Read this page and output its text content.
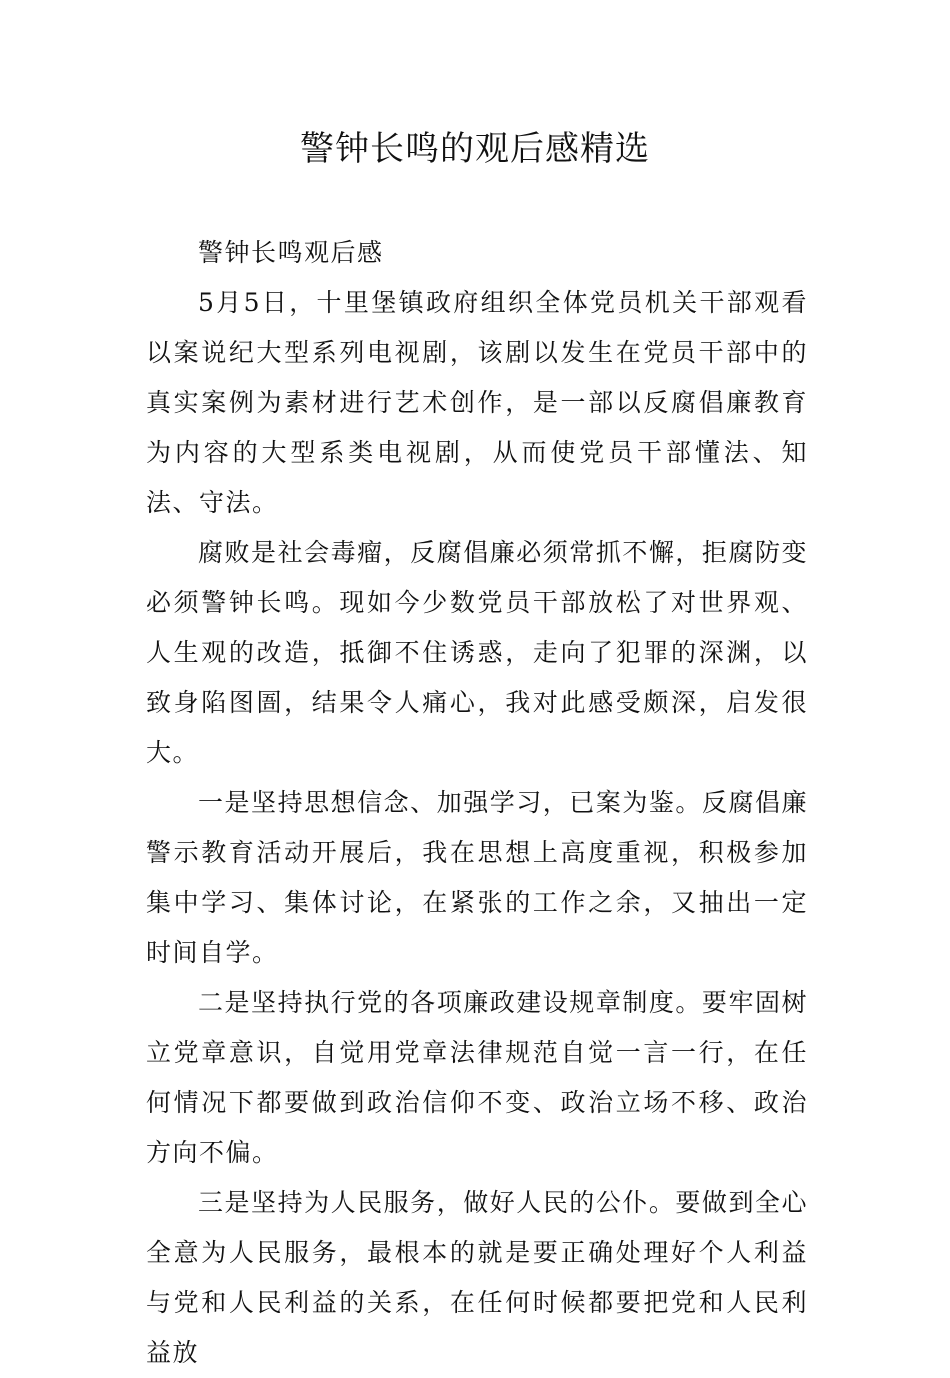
警钟长鸣的观后感精选

警钟长鸣观后感

5月5日，十里堡镇政府组织全体党员机关干部观看以案说纪大型系列电视剧，该剧以发生在党员干部中的真实案例为素材进行艺术创作，是一部以反腐倡廉教育为内容的大型系类电视剧，从而使党员干部懂法、知法、守法。

腐败是社会毒瘤，反腐倡廉必须常抓不懈，拒腐防变必须警钟长鸣。现如今少数党员干部放松了对世界观、人生观的改造，抵御不住诱惑，走向了犯罪的深渊，以致身陷图圄，结果令人痛心，我对此感受颇深，启发很大。

一是坚持思想信念、加强学习，已案为鉴。反腐倡廉警示教育活动开展后，我在思想上高度重视，积极参加集中学习、集体讨论，在紧张的工作之余，又抽出一定时间自学。

二是坚持执行党的各项廉政建设规章制度。要牢固树立党章意识，自觉用党章法律规范自觉一言一行，在任何情况下都要做到政治信仰不变、政治立场不移、政治方向不偏。

三是坚持为人民服务，做好人民的公仆。要做到全心全意为人民服务，最根本的就是要正确处理好个人利益与党和人民利益的关系，在任何时候都要把党和人民利益放
